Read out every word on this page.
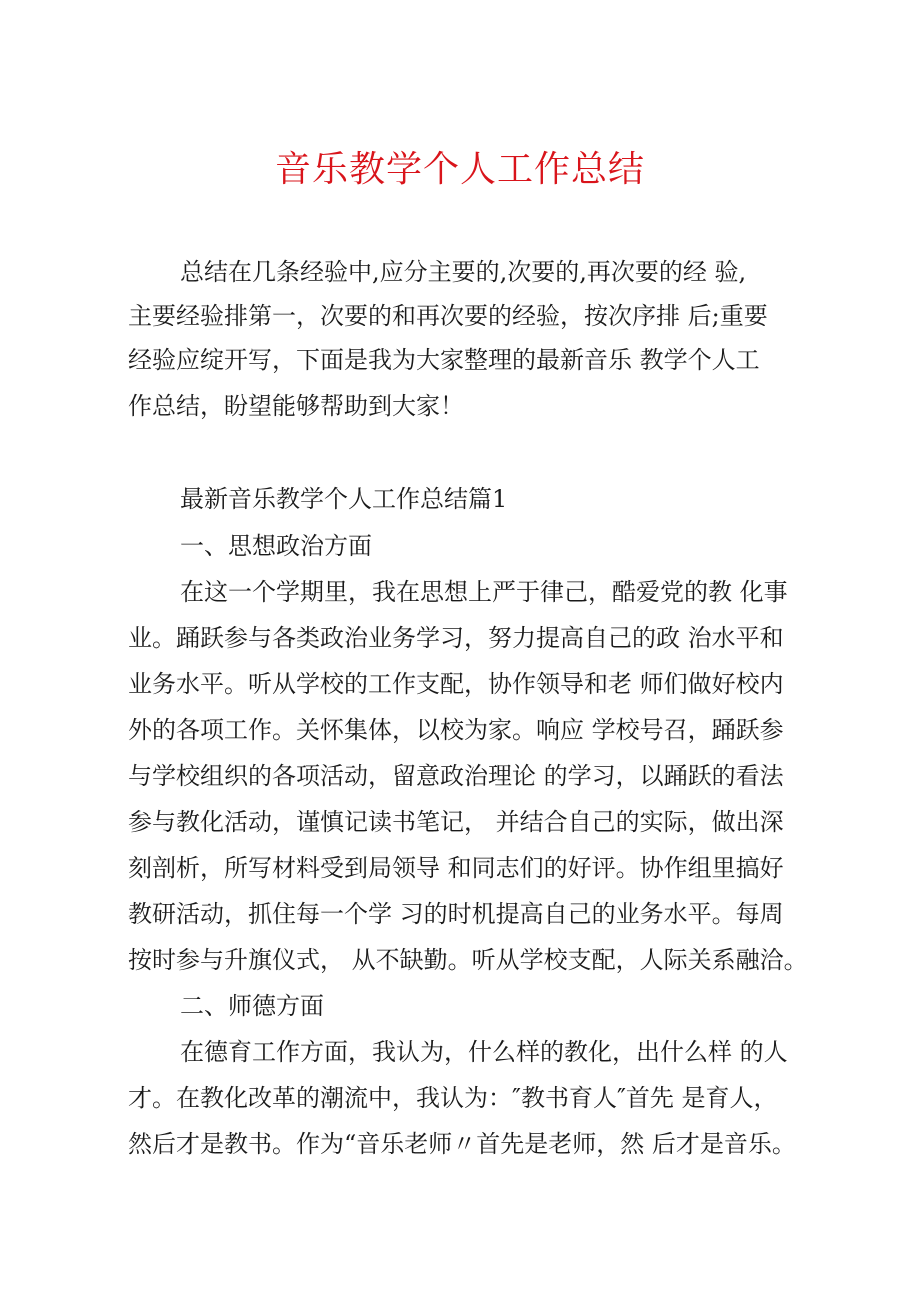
音乐教学个人工作总结
总结在几条经验中,应分主要的,次要的,再次要的经 验,
主要经验排第一，次要的和再次要的经验，按次序排 后;重要
经验应绽开写，下面是我为大家整理的最新音乐 教学个人工
作总结，盼望能够帮助到大家！
最新音乐教学个人工作总结篇1
一、思想政治方面
在这一个学期里，我在思想上严于律己，酷爱党的教 化事
业。踊跃参与各类政治业务学习，努力提高自己的政 治水平和
业务水平。听从学校的工作支配，协作领导和老 师们做好校内
外的各项工作。关怀集体，以校为家。响应 学校号召，踊跃参
与学校组织的各项活动，留意政治理论 的学习，以踊跃的看法
参与教化活动，谨慎记读书笔记， 并结合自己的实际，做出深
刻剖析，所写材料受到局领导 和同志们的好评。协作组里搞好
教研活动，抓住每一个学 习的时机提高自己的业务水平。每周
按时参与升旗仪式， 从不缺勤。听从学校支配，人际关系融洽。
二、师德方面
在德育工作方面，我认为，什么样的教化，出什么样 的人
才。在教化改革的潮流中，我认为：″教书育人″首先 是育人，
然后才是教书。作为“音乐老师〃首先是老师，然 后才是音乐。
